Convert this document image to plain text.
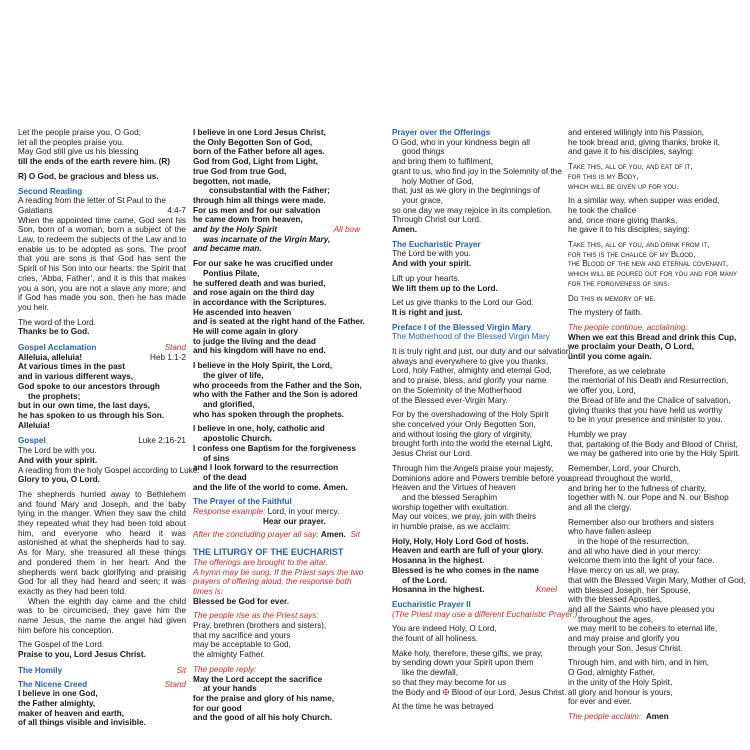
Let the people praise you, O God;
let all the peoples praise you.
May God still give us his blessing
till the ends of the earth revere him. (R)
R) O God, be gracious and bless us.
Second Reading
A reading from the letter of St Paul to the
Galatians	4:4-7
When the appointed time came, God sent his Son, born of a woman, born a subject of the Law, to redeem the subjects of the Law and to enable us to be adopted as sons. The proof that you are sons is that God has sent the Spirit of his Son into our hearts: the Spirit that cries, ‘Abba, Father’, and it is this that makes you a son, you are not a slave any more; and if God has made you son, then he has made you heir.
The word of the Lord.
Thanks be to God.
Gospel Acclamation	Stand
Alleluia, alleluia!	Heb 1:1-2
At various times in the past
and in various different ways,
God spoke to our ancestors through
the prophets;
but in our own time, the last days,
he has spoken to us through his Son.
Alleluia!
Gospel	Luke 2:16-21
The Lord be with you.
And with your spirit.
A reading from the holy Gospel according to Luke.
Glory to you, O Lord.
The shepherds hurried away to Bethlehem and found Mary and Joseph, and the baby lying in the manger. When they saw the child they repeated what they had been told about him, and everyone who heard it was astonished at what the shepherds had to say. As for Mary, she treasured all these things and pondered them in her heart. And the shepherds went back glorifying and praising God for all they had heard and seen; it was exactly as they had been told.
When the eighth day came and the child was to be circumcised, they gave him the name Jesus, the name the angel had given him before his conception.
The Gospel of the Lord.
Praise to you, Lord Jesus Christ.
The Homily	Sit
The Nicene Creed	Stand
I believe in one God,
the Father almighty,
maker of heaven and earth,
of all things visible and invisible.
I believe in one Lord Jesus Christ,
the Only Begotten Son of God,
born of the Father before all ages.
God from God, Light from Light,
true God from true God,
begotten, not made,
consubstantial with the Father;
through him all things were made.
For us men and for our salvation
he came down from heaven,
and by the Holy Spirit	All bow
was incarnate of the Virgin Mary,
and became man.
For our sake he was crucified under
Pontius Pilate,
he suffered death and was buried,
and rose again on the third day
in accordance with the Scriptures.
He ascended into heaven
and is seated at the right hand of the Father.
He will come again in glory
to judge the living and the dead
and his kingdom will have no end.
I believe in the Holy Spirit, the Lord,
the giver of life,
who proceeds from the Father and the Son,
who with the Father and the Son is adored
and glorified,
who has spoken through the prophets.
I believe in one, holy, catholic and
apostolic Church.
I confess one Baptism for the forgiveness
of sins
and I look forward to the resurrection
of the dead
and the life of the world to come. Amen.
The Prayer of the Faithful
Response example: Lord, in your mercy.
Hear our prayer.
After the concluding prayer all say: Amen. Sit
THE LITURGY OF THE EUCHARIST
The offerings are brought to the altar.
A hymn may be sung. If the Priest says the two
prayers of offering aloud, the response both
times is:
Blessed be God for ever.
The people rise as the Priest says:
Pray, brethren (brothers and sisters),
that my sacrifice and yours
may be acceptable to God,
the almighty Father.
The people reply:
May the Lord accept the sacrifice
at your hands
for the praise and glory of his name,
for our good
and the good of all his holy Church.
Prayer over the Offerings
O God, who in your kindness begin all
good things
and bring them to fulfilment,
grant to us, who find joy in the Solemnity of the
holy Mother of God,
that, just as we glory in the beginnings of
your grace,
so one day we may rejoice in its completion.
Through Christ our Lord.
Amen.
The Eucharistic Prayer
The Lord be with you.
And with your spirit.
Lift up your hearts.
We lift them up to the Lord.
Let us give thanks to the Lord our God.
It is right and just.
Preface I of the Blessed Virgin Mary
The Motherhood of the Blessed Virgin Mary
It is truly right and just, our duty and our salvation,
always and everywhere to give you thanks,
Lord, holy Father, almighty and eternal God,
and to praise, bless, and glorify your name
on the Solemnity of the Motherhood
of the Blessed ever-Virgin Mary.
For by the overshadowing of the Holy Spirit
she conceived your Only Begotten Son,
and without losing the glory of virginity,
brought forth into the world the eternal Light,
Jesus Christ our Lord.
Through him the Angels praise your majesty,
Dominions adore and Powers tremble before you.
Heaven and the Virtues of heaven
and the blessed Seraphim
worship together with exultation.
May our voices, we pray, join with theirs
in humble praise, as we acclaim:
Holy, Holy, Holy Lord God of hosts.
Heaven and earth are full of your glory.
Hosanna in the highest.
Blessed is he who comes in the name
of the Lord.
Hosanna in the highest.	Kneel
Eucharistic Prayer II
(The Priest may use a different Eucharistic Prayer.)
You are indeed Holy, O Lord,
the fount of all holiness.
Make holy, therefore, these gifts, we pray,
by sending down your Spirit upon them
like the dewfall,
so that they may become for us
the Body and ✠ Blood of our Lord, Jesus Christ.
At the time he was betrayed
and entered willingly into his Passion,
he took bread and, giving thanks, broke it,
and gave it to his disciples, saying:
Take this, all of you, and eat of it,
for this is my Body,
which will be given up for you.
In a similar way, when supper was ended,
he took the chalice
and, once more giving thanks,
he gave it to his disciples, saying:
Take this, all of you, and drink from it,
for this is the chalice of my Blood,
the Blood of the new and eternal covenant,
which will be poured out for you and for many
for the forgiveness of sins.
Do this in memory of me.
The mystery of faith.
The people continue, acclaiming:
When we eat this Bread and drink this Cup,
we proclaim your Death, O Lord,
until you come again.
Therefore, as we celebrate
the memorial of his Death and Resurrection,
we offer you, Lord,
the Bread of life and the Chalice of salvation,
giving thanks that you have held us worthy
to be in your presence and minister to you.
Humbly we pray
that, partaking of the Body and Blood of Christ,
we may be gathered into one by the Holy Spirit.
Remember, Lord, your Church,
spread throughout the world,
and bring her to the fullness of charity,
together with N. our Pope and N. our Bishop
and all the clergy.
Remember also our brothers and sisters
who have fallen asleep
in the hope of the resurrection,
and all who have died in your mercy:
welcome them into the light of your face.
Have mercy on us all, we pray,
that with the Blessed Virgin Mary, Mother of God,
with blessed Joseph, her Spouse,
with the blessed Apostles,
and all the Saints who have pleased you
throughout the ages,
we may merit to be coheirs to eternal life,
and may praise and glorify you
through your Son, Jesus Christ.
Through him, and with him, and in him,
O God, almighty Father,
in the unity of the Holy Spirit,
all glory and honour is yours,
for ever and ever.
The people acclaim: Amen
